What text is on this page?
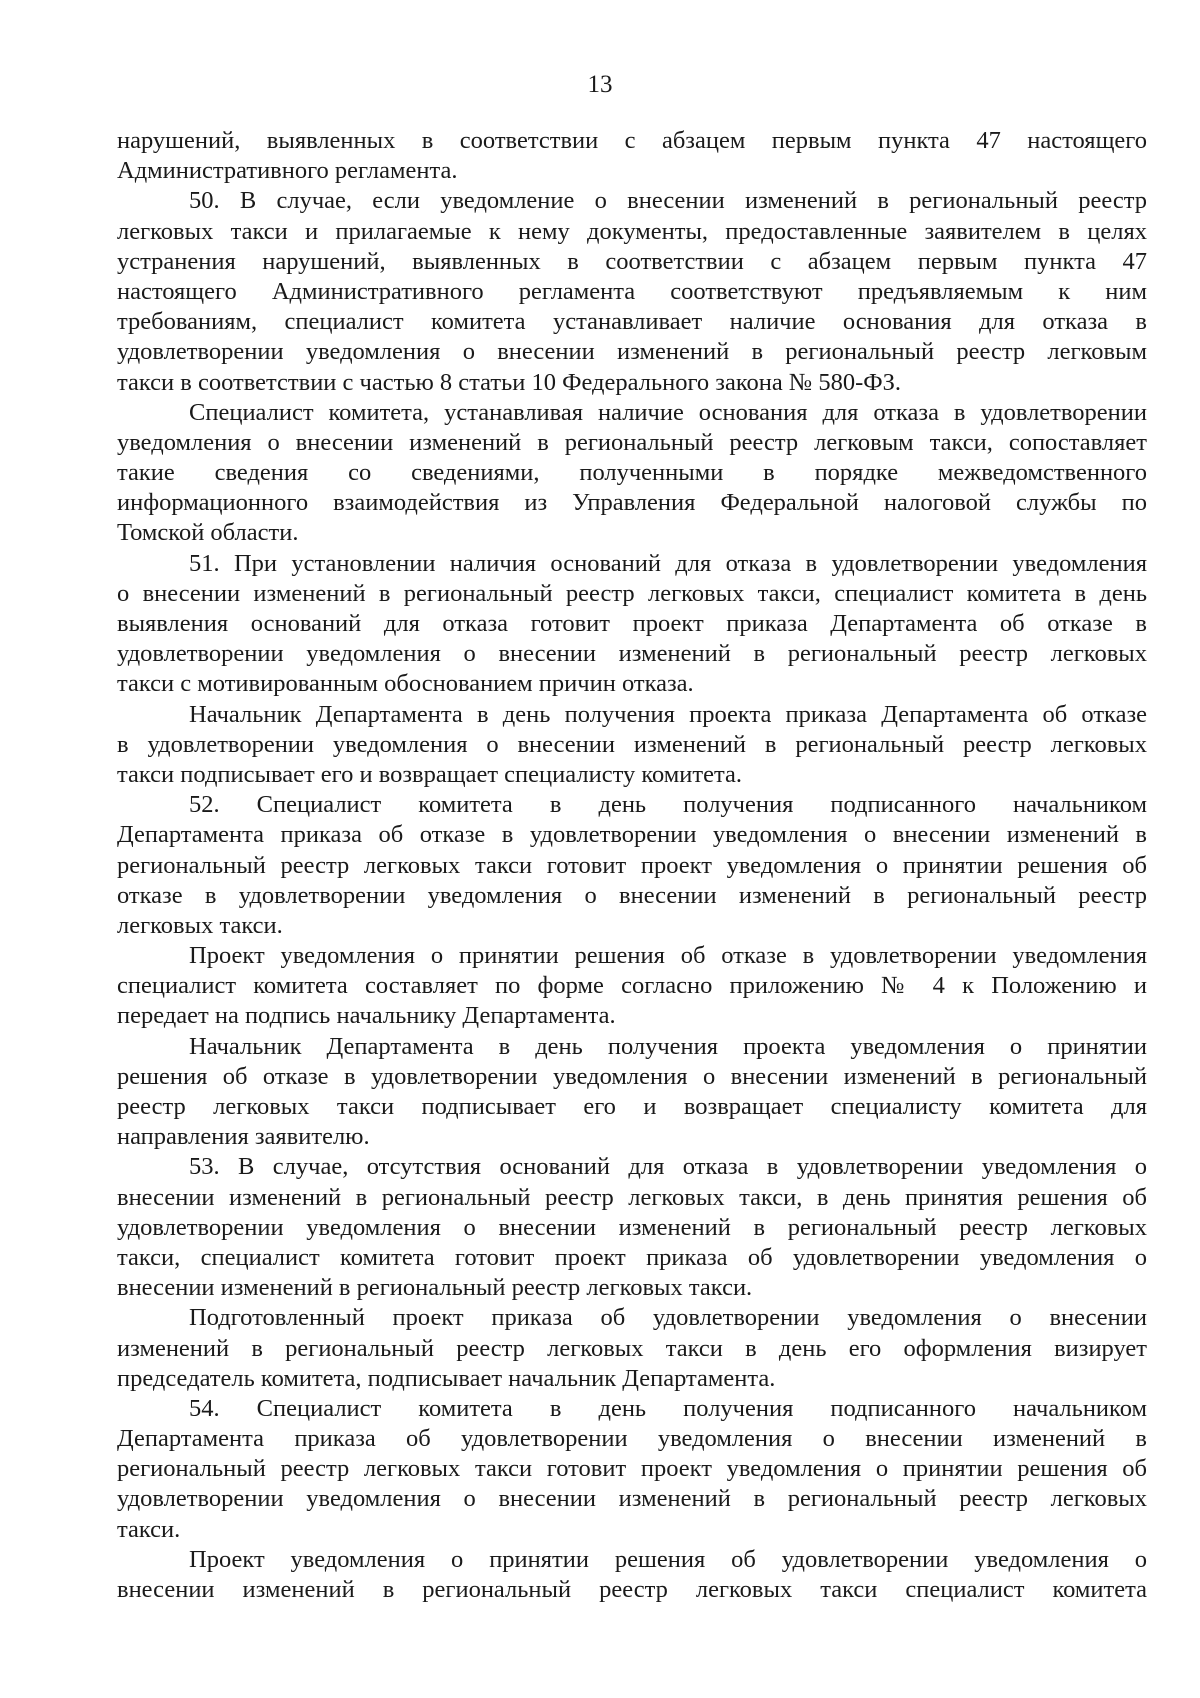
13
нарушений, выявленных в соответствии с абзацем первым пункта 47 настоящего
Административного регламента.
50. В случае, если уведомление о внесении изменений в региональный реестр
легковых такси и прилагаемые к нему документы, предоставленные заявителем в целях
устранения нарушений, выявленных в соответствии с абзацем первым пункта 47
настоящего Административного регламента соответствуют предъявляемым к ним
требованиям, специалист комитета устанавливает наличие основания для отказа в
удовлетворении уведомления о внесении изменений в региональный реестр легковым
такси в соответствии с частью 8 статьи 10 Федерального закона № 580-ФЗ.
Специалист комитета, устанавливая наличие основания для отказа в удовлетворении
уведомления о внесении изменений в региональный реестр легковым такси, сопоставляет
такие сведения со сведениями, полученными в порядке межведомственного
информационного взаимодействия из Управления Федеральной налоговой службы по
Томской области.
51. При установлении наличия оснований для отказа в удовлетворении уведомления
о внесении изменений в региональный реестр легковых такси, специалист комитета в день
выявления оснований для отказа готовит проект приказа Департамента об отказе в
удовлетворении уведомления о внесении изменений в региональный реестр легковых
такси с мотивированным обоснованием причин отказа.
Начальник Департамента в день получения проекта приказа Департамента об отказе
в удовлетворении уведомления о внесении изменений в региональный реестр легковых
такси подписывает его и возвращает специалисту комитета.
52. Специалист комитета в день получения подписанного начальником
Департамента приказа об отказе в удовлетворении уведомления о внесении изменений в
региональный реестр легковых такси готовит проект уведомления о принятии решения об
отказе в удовлетворении уведомления о внесении изменений в региональный реестр
легковых такси.
Проект уведомления о принятии решения об отказе в удовлетворении уведомления
специалист комитета составляет по форме согласно приложению № 4 к Положению и
передает на подпись начальнику Департамента.
Начальник Департамента в день получения проекта уведомления о принятии
решения об отказе в удовлетворении уведомления о внесении изменений в региональный
реестр легковых такси подписывает его и возвращает специалисту комитета для
направления заявителю.
53. В случае, отсутствия оснований для отказа в удовлетворении уведомления о
внесении изменений в региональный реестр легковых такси, в день принятия решения об
удовлетворении уведомления о внесении изменений в региональный реестр легковых
такси, специалист комитета готовит проект приказа об удовлетворении уведомления о
внесении изменений в региональный реестр легковых такси.
Подготовленный проект приказа об удовлетворении уведомления о внесении
изменений в региональный реестр легковых такси в день его оформления визирует
председатель комитета, подписывает начальник Департамента.
54. Специалист комитета в день получения подписанного начальником
Департамента приказа об удовлетворении уведомления о внесении изменений в
региональный реестр легковых такси готовит проект уведомления о принятии решения об
удовлетворении уведомления о внесении изменений в региональный реестр легковых
такси.
Проект уведомления о принятии решения об удовлетворении уведомления о
внесении изменений в региональный реестр легковых такси специалист комитета
